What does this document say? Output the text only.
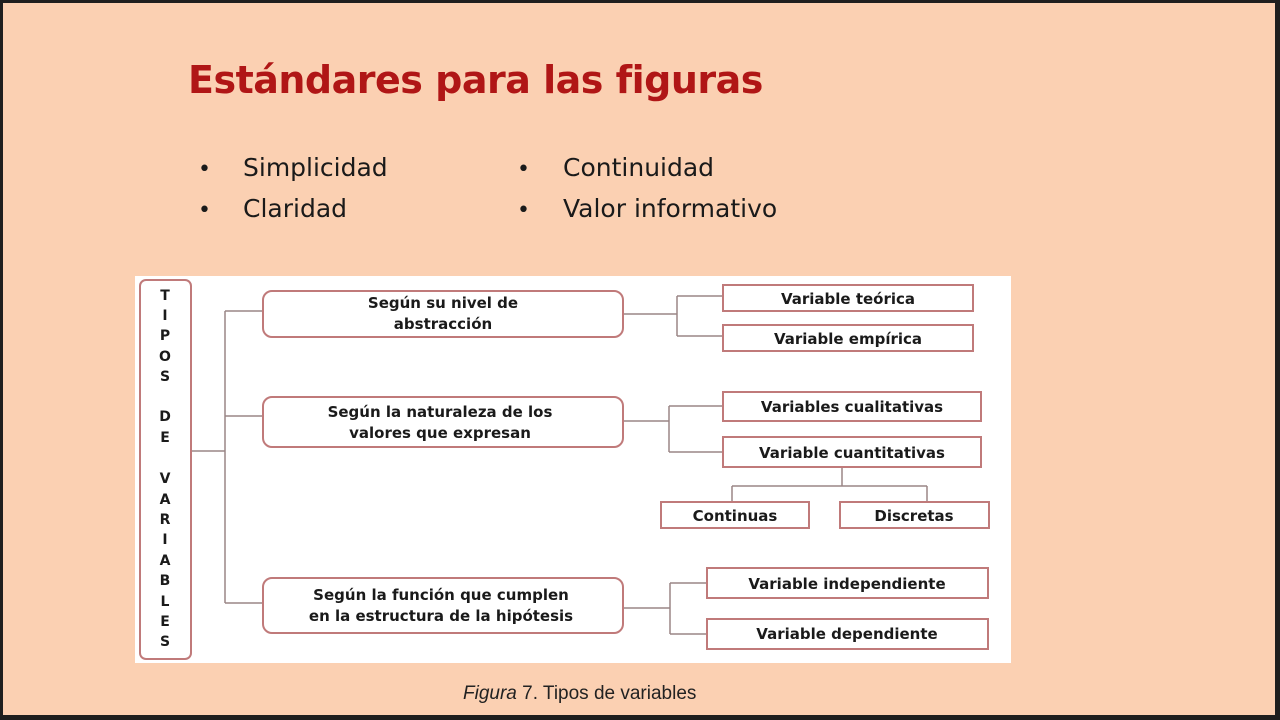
Estándares para las figuras
• Simplicidad
• Claridad
• Continuidad
• Valor informativo
T
I
P
O
S
D
E
V
A
R
I
A
B
L
E
S
Según su nivel de
abstracción
Variable teórica
Variable empírica
Según la naturaleza de los
valores que expresan
Variables cualitativas
Variable cuantitativas
Continuas	Discretas
Según la función que cumplen
en la estructura de la hipótesis
Variable independiente
Variable dependiente
Figura 7. Tipos de variables
